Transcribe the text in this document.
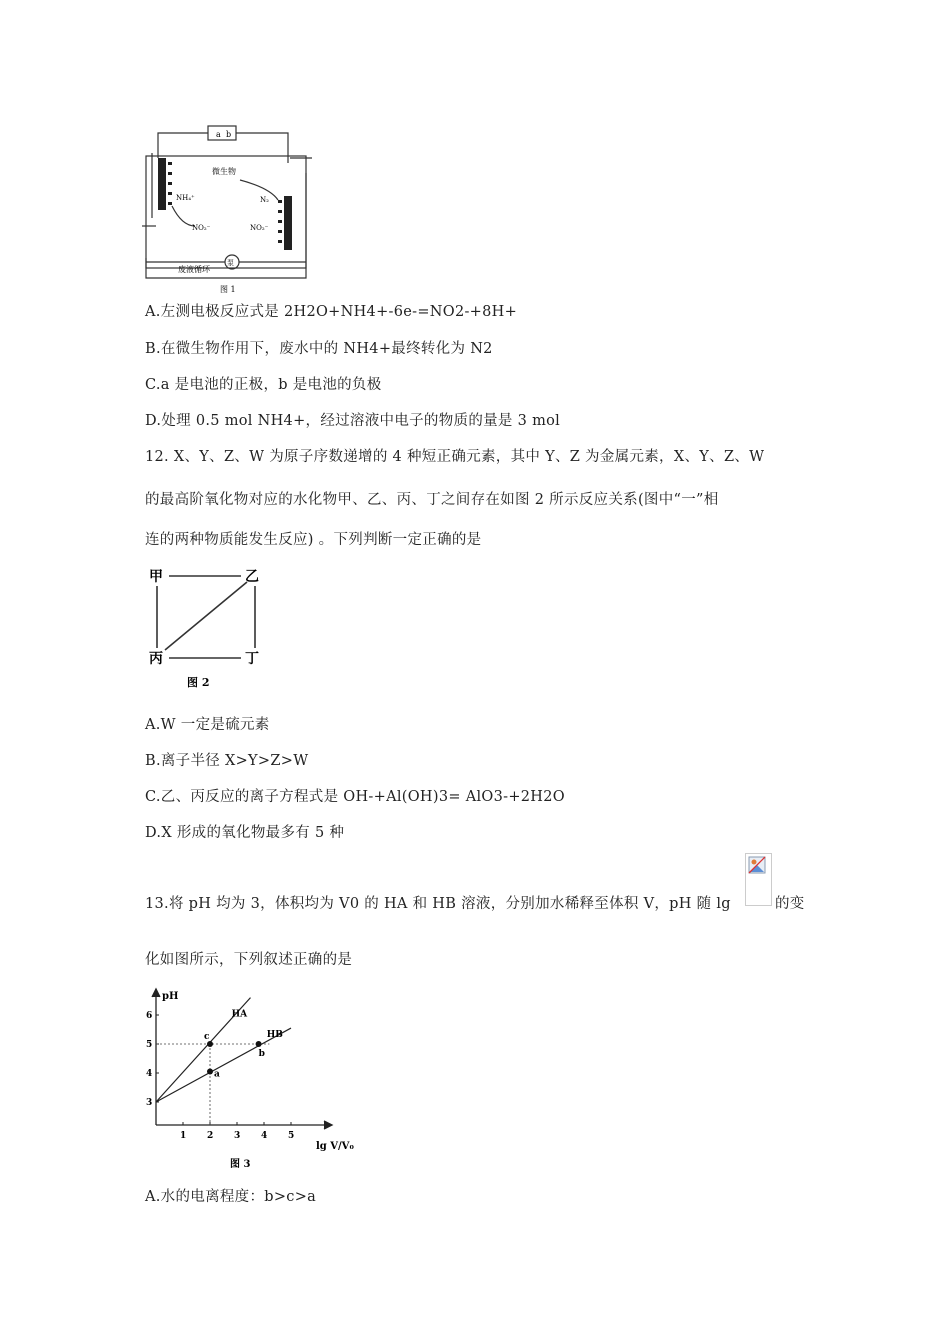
a b
微生物
NH₄⁺
NO₂⁻
N₂
NO₂⁻
废液循环
泵
图 1
A.左测电极反应式是 2H2O+NH4+-6e-=NO2-+8H+
B.在微生物作用下，废水中的 NH4+最终转化为 N2
C.a 是电池的正极，b 是电池的负极
D.处理 0.5 mol NH4+，经过溶液中电子的物质的量是 3 mol
12. X、Y、Z、W 为原子序数递增的 4 种短正确元素，其中 Y、Z 为金属元素，X、Y、Z、W
的最高阶氧化物对应的水化物甲、乙、丙、丁之间存在如图 2 所示反应关系(图中“一”相
连的两种物质能发生反应) 。下列判断一定正确的是
甲	乙
丙	丁
图 2
A.W 一定是硫元素
B.离子半径 X>Y>Z>W
C.乙、丙反应的离子方程式是 OH-+Al(OH)3= AlO3-+2H2O
D.X 形成的氧化物最多有 5 种
13.将 pH 均为 3，体积均为 V0 的 HA 和 HB 溶液，分别加水稀释至体积 V，pH 随 lg	的变
化如图所示，下列叙述正确的是
1 2 3 4 5
3
4
5
6	HA
HB
c
a
b
pH
lg V/V₀
图 3
A.水的电离程度：b>c>a
